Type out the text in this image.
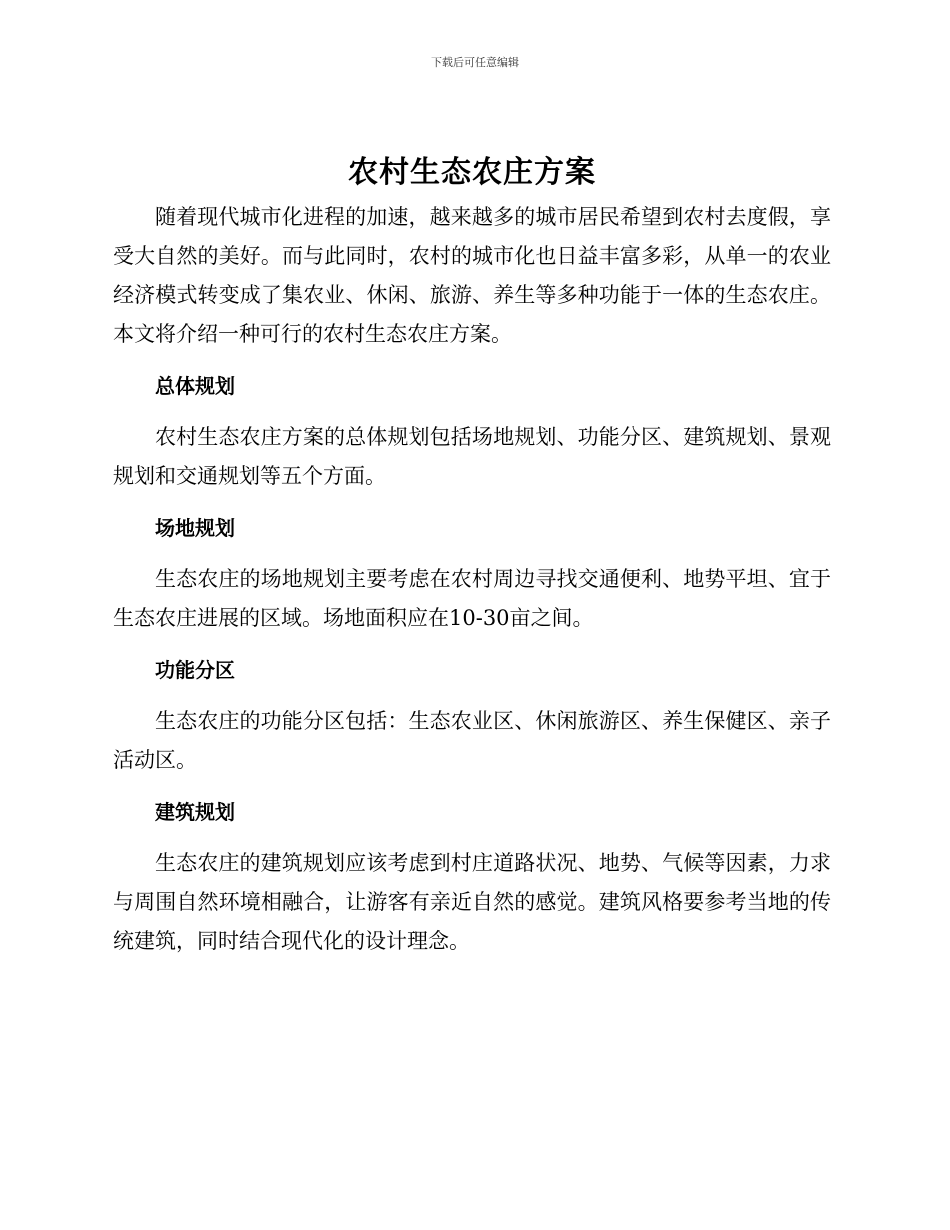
下载后可任意编辑
农村生态农庄方案

随着现代城市化进程的加速，越来越多的城市居民希望到农村去度假，享受大自然的美好。而与此同时，农村的城市化也日益丰富多彩，从单一的农业经济模式转变成了集农业、休闲、旅游、养生等多种功能于一体的生态农庄。本文将介绍一种可行的农村生态农庄方案。

总体规划

农村生态农庄方案的总体规划包括场地规划、功能分区、建筑规划、景观规划和交通规划等五个方面。

场地规划

生态农庄的场地规划主要考虑在农村周边寻找交通便利、地势平坦、宜于生态农庄进展的区域。场地面积应在10-30亩之间。

功能分区

生态农庄的功能分区包括：生态农业区、休闲旅游区、养生保健区、亲子活动区。

建筑规划

生态农庄的建筑规划应该考虑到村庄道路状况、地势、气候等因素，力求与周围自然环境相融合，让游客有亲近自然的感觉。建筑风格要参考当地的传统建筑，同时结合现代化的设计理念。
